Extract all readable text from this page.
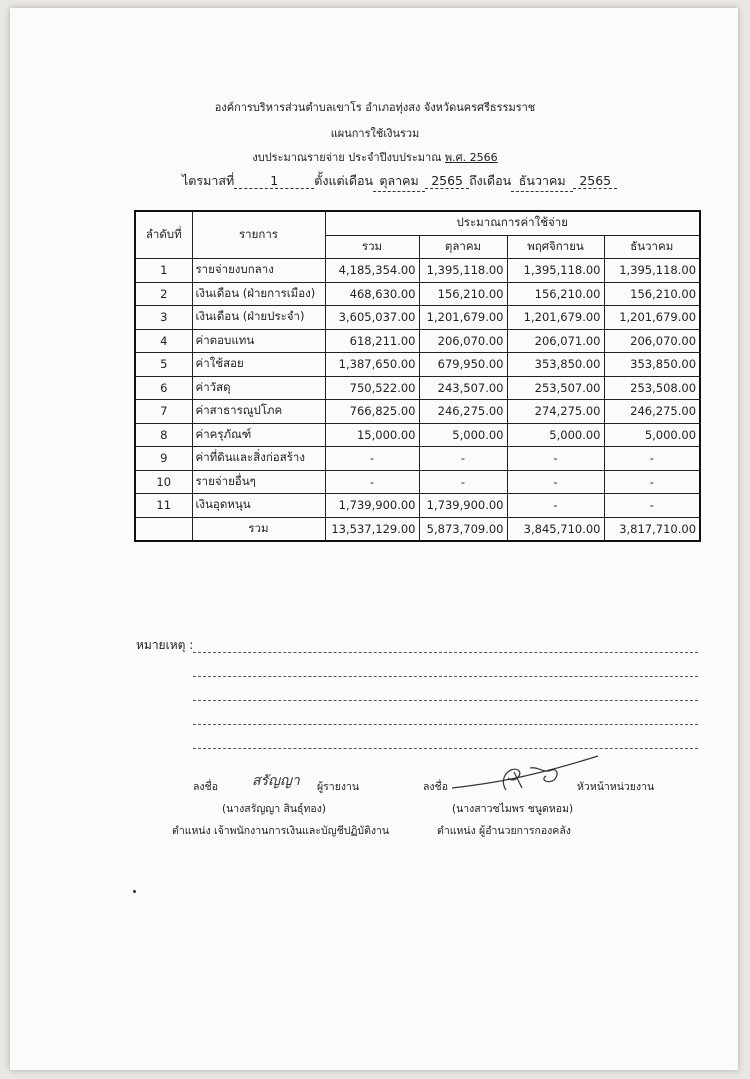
องค์การบริหารส่วนตำบลเขาโร อำเภอทุ่งสง จังหวัดนครศรีธรรมราช
แผนการใช้เงินรวม
งบประมาณรายจ่าย ประจำปีงบประมาณ พ.ศ. 2566
ไตรมาสที่	1	ตั้งแต่เดือน ตุลาคม 2565 ถึงเดือน ธันวาคม 2565
ลำดับที่	รายการ	ประมาณการค่าใช้จ่าย			
		รวม	ตุลาคม	พฤศจิกายน	ธันวาคม
1	รายจ่ายงบกลาง	4,185,354.00	1,395,118.00	1,395,118.00	1,395,118.00
2	เงินเดือน (ฝ่ายการเมือง)	468,630.00	156,210.00	156,210.00	156,210.00
3	เงินเดือน (ฝ่ายประจำ)	3,605,037.00	1,201,679.00	1,201,679.00	1,201,679.00
4	ค่าตอบแทน	618,211.00	206,070.00	206,071.00	206,070.00
5	ค่าใช้สอย	1,387,650.00	679,950.00	353,850.00	353,850.00
6	ค่าวัสดุ	750,522.00	243,507.00	253,507.00	253,508.00
7	ค่าสาธารณูปโภค	766,825.00	246,275.00	274,275.00	246,275.00
8	ค่าครุภัณฑ์	15,000.00	5,000.00	5,000.00	5,000.00
9	ค่าที่ดินและสิ่งก่อสร้าง	-	-	-	-
10	รายจ่ายอื่นๆ	-	-	-	-
11	เงินอุดหนุน	1,739,900.00	1,739,900.00	-	-
	รวม	13,537,129.00	5,873,709.00	3,845,710.00	3,817,710.00
หมายเหตุ :
ลงชื่อ สรัญญา ผู้รายงาน
(นางสรัญญา สินธุ์ทอง)
ตำแหน่ง เจ้าพนักงานการเงินและบัญชีปฏิบัติงาน
ลงชื่อ	หัวหน้าหน่วยงาน
(นางสาวชไมพร ชนูดหอม)
ตำแหน่ง ผู้อำนวยการกองคลัง
